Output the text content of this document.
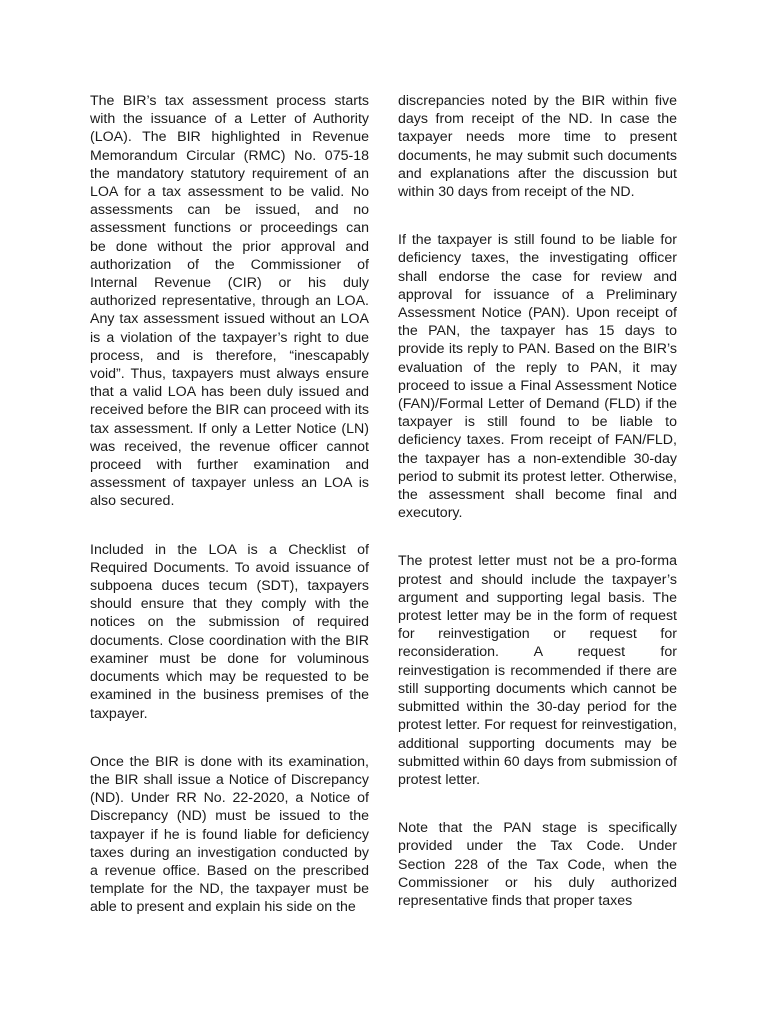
The BIR’s tax assessment process starts with the issuance of a Letter of Authority (LOA). The BIR highlighted in Revenue Memorandum Circular (RMC) No. 075-18 the mandatory statutory requirement of an LOA for a tax assessment to be valid. No assessments can be issued, and no assessment functions or proceedings can be done without the prior approval and authorization of the Commissioner of Internal Revenue (CIR) or his duly authorized representative, through an LOA. Any tax assessment issued without an LOA is a violation of the taxpayer’s right to due process, and is therefore, “inescapably void”. Thus, taxpayers must always ensure that a valid LOA has been duly issued and received before the BIR can proceed with its tax assessment. If only a Letter Notice (LN) was received, the revenue officer cannot proceed with further examination and assessment of taxpayer unless an LOA is also secured.

Included in the LOA is a Checklist of Required Documents. To avoid issuance of subpoena duces tecum (SDT), taxpayers should ensure that they comply with the notices on the submission of required documents. Close coordination with the BIR examiner must be done for voluminous documents which may be requested to be examined in the business premises of the taxpayer.

Once the BIR is done with its examination, the BIR shall issue a Notice of Discrepancy (ND). Under RR No. 22-2020, a Notice of Discrepancy (ND) must be issued to the taxpayer if he is found liable for deficiency taxes during an investigation conducted by a revenue office. Based on the prescribed template for the ND, the taxpayer must be able to present and explain his side on the

discrepancies noted by the BIR within five days from receipt of the ND. In case the taxpayer needs more time to present documents, he may submit such documents and explanations after the discussion but within 30 days from receipt of the ND.

If the taxpayer is still found to be liable for deficiency taxes, the investigating officer shall endorse the case for review and approval for issuance of a Preliminary Assessment Notice (PAN). Upon receipt of the PAN, the taxpayer has 15 days to provide its reply to PAN. Based on the BIR’s evaluation of the reply to PAN, it may proceed to issue a Final Assessment Notice (FAN)/Formal Letter of Demand (FLD) if the taxpayer is still found to be liable to deficiency taxes. From receipt of FAN/FLD, the taxpayer has a non-extendible 30-day period to submit its protest letter. Otherwise, the assessment shall become final and executory.

The protest letter must not be a pro-forma protest and should include the taxpayer’s argument and supporting legal basis. The protest letter may be in the form of request for reinvestigation or request for reconsideration. A request for reinvestigation is recommended if there are still supporting documents which cannot be submitted within the 30-day period for the protest letter. For request for reinvestigation, additional supporting documents may be submitted within 60 days from submission of protest letter.

Note that the PAN stage is specifically provided under the Tax Code. Under Section 228 of the Tax Code, when the Commissioner or his duly authorized representative finds that proper taxes
